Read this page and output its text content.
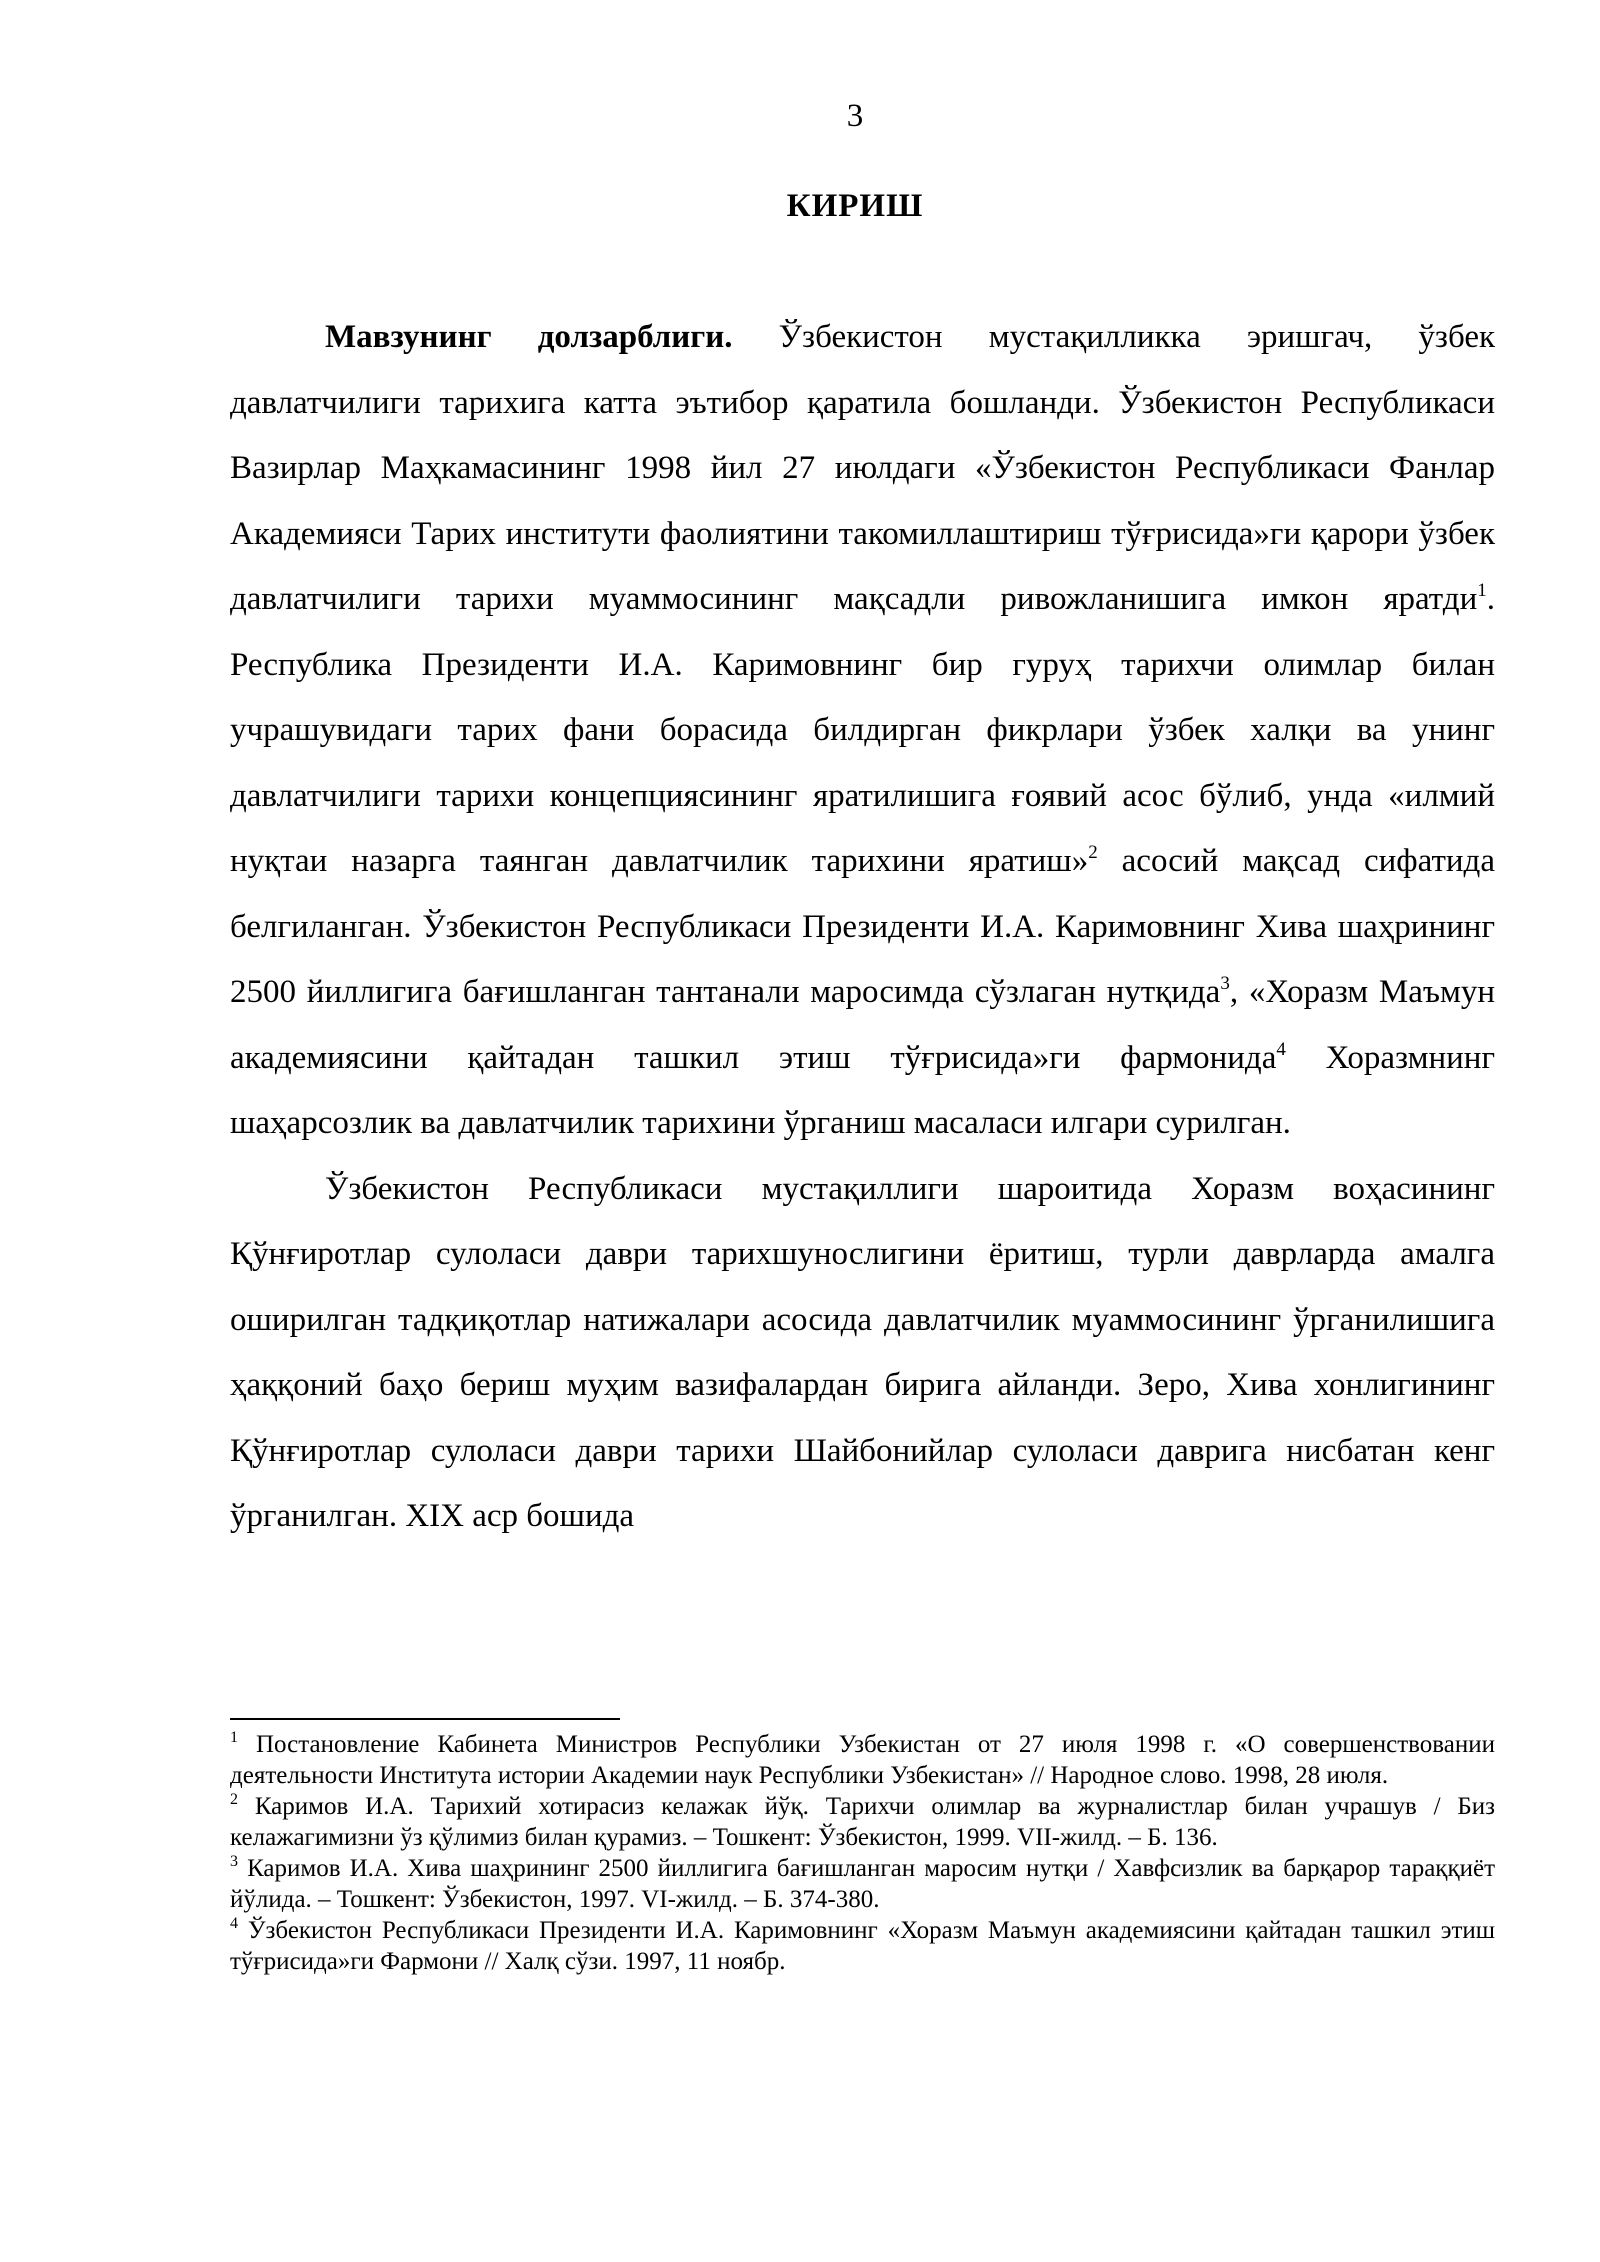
3
КИРИШ

Мавзунинг долзарблиги. Ўзбекистон мустақилликка эришгач, ўзбек давлатчилиги тарихига катта эътибор қаратила бошланди. Ўзбекистон Республикаси Вазирлар Маҳкамасининг 1998 йил 27 июлдаги «Ўзбекистон Республикаси Фанлар Академияси Тарих институти фаолиятини такомиллаштириш тўғрисида»ги қарори ўзбек давлатчилиги тарихи муаммосининг мақсадли ривожланишига имкон яратди$^1$. Республика Президенти И.А. Каримовнинг бир гуруҳ тарихчи олимлар билан учрашувидаги тарих фани борасида билдирган фикрлари ўзбек халқи ва унинг давлатчилиги тарихи концепциясининг яратилишига ғоявий асос бўлиб, унда «илмий нуқтаи назарга таянган давлатчилик тарихини яратиш»$^2$ асосий мақсад сифатида белгиланган. Ўзбекистон Республикаси Президенти И.А. Каримовнинг Хива шаҳрининг 2500 йиллигига бағишланган тантанали маросимда сўзлаган нутқида$^3$, «Хоразм Маъмун академиясини қайтадан ташкил этиш тўғрисида»ги фармонида$^4$ Хоразмнинг шаҳарсозлик ва давлатчилик тарихини ўрганиш масаласи илгари сурилган.

Ўзбекистон Республикаси мустақиллиги шароитида Хоразм воҳасининг Қўнғиротлар сулоласи даври тарихшунослигини ёритиш, турли даврларда амалга оширилган тадқиқотлар натижалари асосида давлатчилик муаммосининг ўрганилишига ҳаққоний баҳо бериш муҳим вазифалардан бирига айланди. Зеро, Хива хонлигининг Қўнғиротлар сулоласи даври тарихи Шайбонийлар сулоласи даврига нисбатан кенг ўрганилган. XIX аср бошида

$^1$ Постановление Кабинета Министров Республики Узбекистан от 27 июля 1998 г. «О совершенствовании деятельности Института истории Академии наук Республики Узбекистан» // Народное слово. 1998, 28 июля.

$^2$ Каримов И.А. Тарихий хотирасиз келажак йўқ. Тарихчи олимлар ва журналистлар билан учрашув / Биз келажагимизни ўз қўлимиз билан қурамиз. – Тошкент: Ўзбекистон, 1999. VII-жилд. – Б. 136.

$^3$ Каримов И.А. Хива шаҳрининг 2500 йиллигига бағишланган маросим нутқи / Хавфсизлик ва барқарор тараққиёт йўлида. – Тошкент: Ўзбекистон, 1997. VI-жилд. – Б. 374-380.

$^4$ Ўзбекистон Республикаси Президенти И.А. Каримовнинг «Хоразм Маъмун академиясини қайтадан ташкил этиш тўғрисида»ги Фармони // Халқ сўзи. 1997, 11 ноябр.
